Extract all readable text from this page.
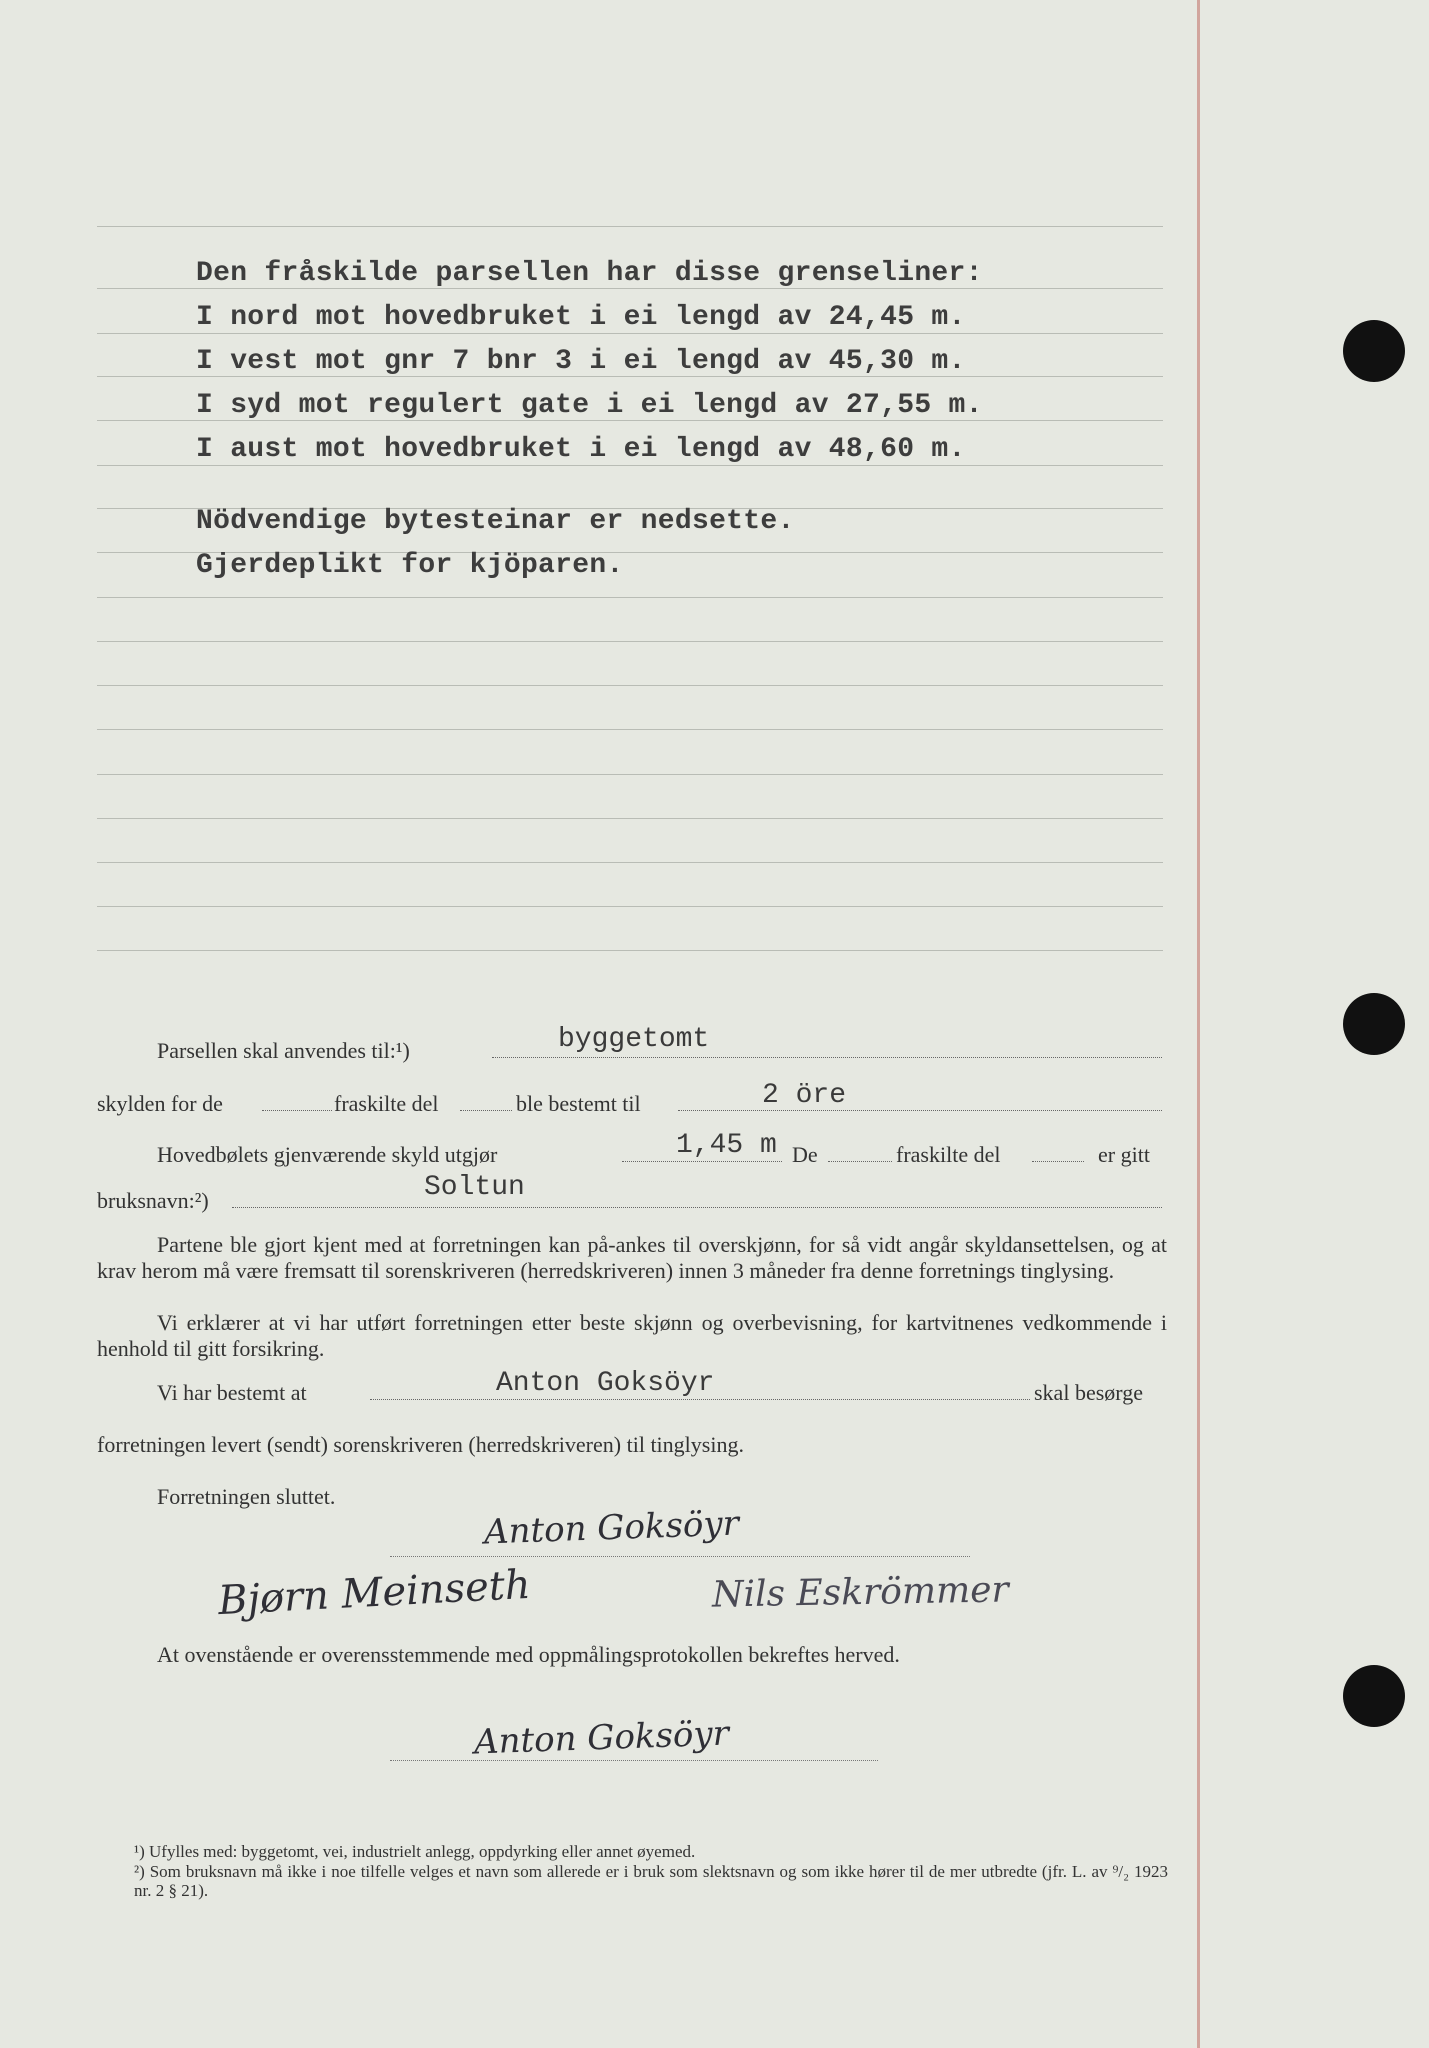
Den fråskilde parsellen har disse grenseliner:
I nord mot hovedbruket i ei lengd av 24,45 m.
I vest mot gnr 7 bnr 3 i ei lengd av 45,30 m.
I syd mot regulert gate i ei lengd av 27,55 m.
I aust mot hovedbruket i ei lengd av 48,60 m.
Nödvendige bytesteinar er nedsette.
Gjerdeplikt for kjöparen.
Parsellen skal anvendes til:¹)	byggetomt
skylden for de	fraskilte del	ble bestemt til	2 öre
Hovedbølets gjenværende skyld utgjør	1,45 m De	fraskilte del	er gitt
bruksnavn:²)	Soltun
Partene ble gjort kjent med at forretningen kan på-ankes til overskjønn, for så vidt angår skyldansettelsen, og at krav herom må være fremsatt til sorenskriveren (herredskriveren) innen 3 måneder fra denne forretnings tinglysing.
Vi erklærer at vi har utført forretningen etter beste skjønn og overbevisning, for kartvitnenes vedkommende i henhold til gitt forsikring.
Vi har bestemt at	Anton Goksöyr	skal besørge
forretningen levert (sendt) sorenskriveren (herredskriveren) til tinglysing.
Forretningen sluttet.
Anton Goksöyr
Bjørn Meinseth	Nils Eskrömmer
At ovenstående er overensstemmende med oppmålingsprotokollen bekreftes herved.
Anton Goksöyr
¹) Ufylles med: byggetomt, vei, industrielt anlegg, oppdyrking eller annet øyemed.
²) Som bruksnavn må ikke i noe tilfelle velges et navn som allerede er i bruk som slektsnavn og som ikke hører til de mer utbredte (jfr. L. av ⁹/₂ 1923 nr. 2 § 21).
